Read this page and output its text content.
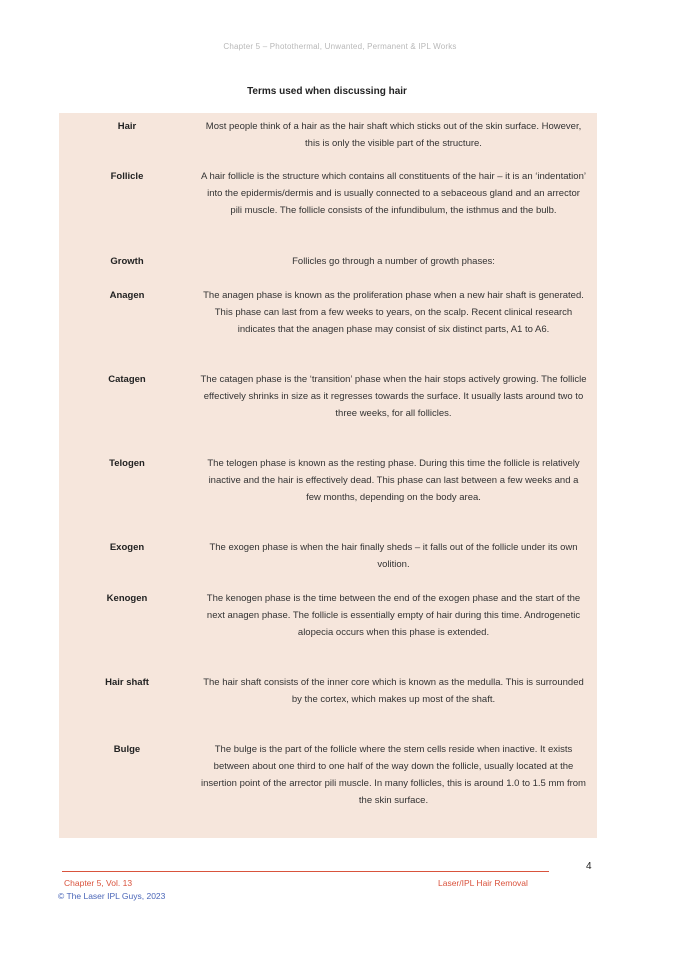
Chapter 5 – Photothermal, Unwanted, Permanent & IPL Works
Terms used when discussing hair
Hair	Most people think of a hair as the hair shaft which sticks out of the skin surface. However, this is only the visible part of the structure.
Follicle	A hair follicle is the structure which contains all constituents of the hair – it is an ‘indentation’ into the epidermis/dermis and is usually connected to a sebaceous gland and an arrector pili muscle. The follicle consists of the infundibulum, the isthmus and the bulb.
Growth	Follicles go through a number of growth phases:
Anagen	The anagen phase is known as the proliferation phase when a new hair shaft is generated. This phase can last from a few weeks to years, on the scalp. Recent clinical research indicates that the anagen phase may consist of six distinct parts, A1 to A6.
Catagen	The catagen phase is the ‘transition’ phase when the hair stops actively growing. The follicle effectively shrinks in size as it regresses towards the surface. It usually lasts around two to three weeks, for all follicles.
Telogen	The telogen phase is known as the resting phase. During this time the follicle is relatively inactive and the hair is effectively dead. This phase can last between a few weeks and a few months, depending on the body area.
Exogen	The exogen phase is when the hair finally sheds – it falls out of the follicle under its own volition.
Kenogen	The kenogen phase is the time between the end of the exogen phase and the start of the next anagen phase. The follicle is essentially empty of hair during this time. Androgenetic alopecia occurs when this phase is extended.
Hair shaft	The hair shaft consists of the inner core which is known as the medulla. This is surrounded by the cortex, which makes up most of the shaft.
Bulge	The bulge is the part of the follicle where the stem cells reside when inactive. It exists between about one third to one half of the way down the follicle, usually located at the insertion point of the arrector pili muscle. In many follicles, this is around 1.0 to 1.5 mm from the skin surface.
4
Chapter 5, Vol. 13	Laser/IPL Hair Removal
© The Laser IPL Guys, 2023
